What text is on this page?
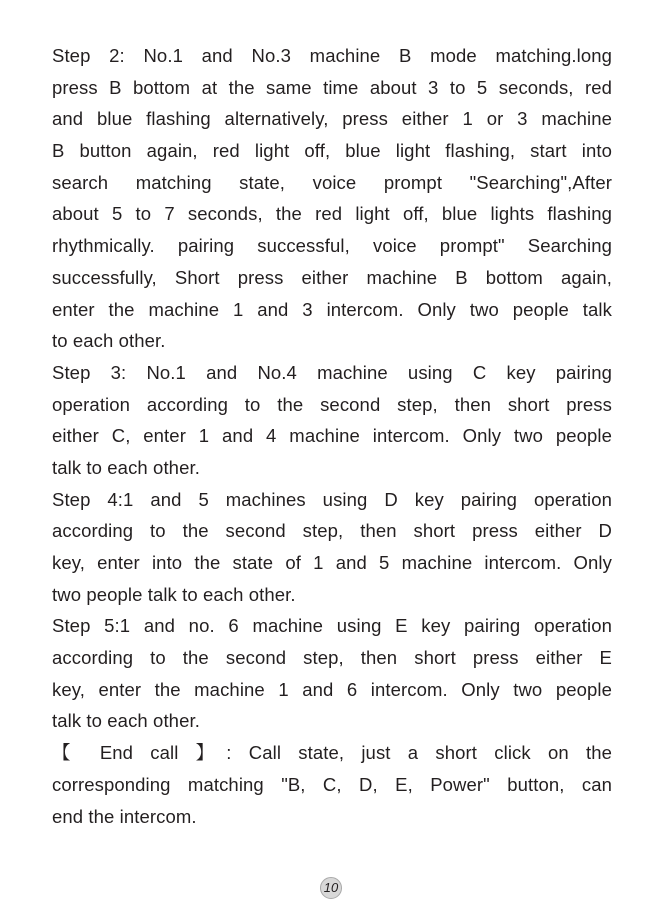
Step 2: No.1 and No.3 machine B mode matching.long
press B bottom at the same time about 3 to 5 seconds, red
and blue flashing alternatively, press either 1 or 3 machine
B button again, red light off, blue light flashing, start into
search matching state, voice prompt "Searching",After
about 5 to 7 seconds, the red light off, blue lights flashing
rhythmically. pairing successful, voice prompt" Searching
successfully, Short press either machine B bottom again,
enter the machine 1 and 3 intercom. Only two people talk
to each other.
Step 3: No.1 and No.4 machine using C key pairing
operation according to the second step, then short press
either C, enter 1 and 4 machine intercom. Only two people
talk to each other.
Step 4:1 and 5 machines using D key pairing operation
according to the second step, then short press either D
key, enter into the state of 1 and 5 machine intercom. Only
two people talk to each other.
Step 5:1 and no. 6 machine using E key pairing operation
according to the second step, then short press either E
key, enter the machine 1 and 6 intercom. Only two people
talk to each other.
【 End call 】: Call state, just a short click on the
corresponding matching "B, C, D, E, Power" button, can
end the intercom.
10
